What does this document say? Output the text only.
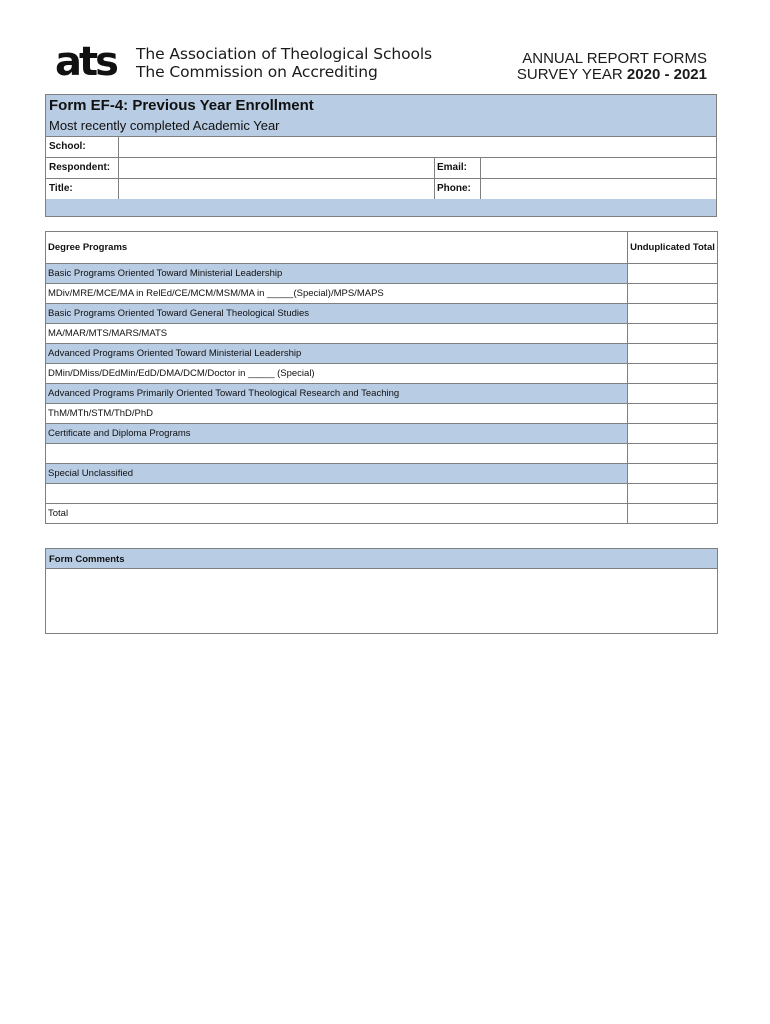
ats The Association of Theological Schools
The Commission on Accrediting
ANNUAL REPORT FORMS
SURVEY YEAR 2020 - 2021
Form EF-4: Previous Year Enrollment
Most recently completed Academic Year
School:
Respondent:	Email:
Title:	Phone:
Degree Programs	Unduplicated Total
Basic Programs Oriented Toward Ministerial Leadership	
MDiv/MRE/MCE/MA in RelEd/CE/MCM/MSM/MA in _____(Special)/MPS/MAPS	
Basic Programs Oriented Toward General Theological Studies	
MA/MAR/MTS/MARS/MATS	
Advanced Programs Oriented Toward Ministerial Leadership	
DMin/DMiss/DEdMin/EdD/DMA/DCM/Doctor in _____ (Special)	
Advanced Programs Primarily Oriented Toward Theological Research and Teaching	
ThM/MTh/STM/ThD/PhD	
Certificate and Diploma Programs	

Special Unclassified	

Total	
Form Comments
